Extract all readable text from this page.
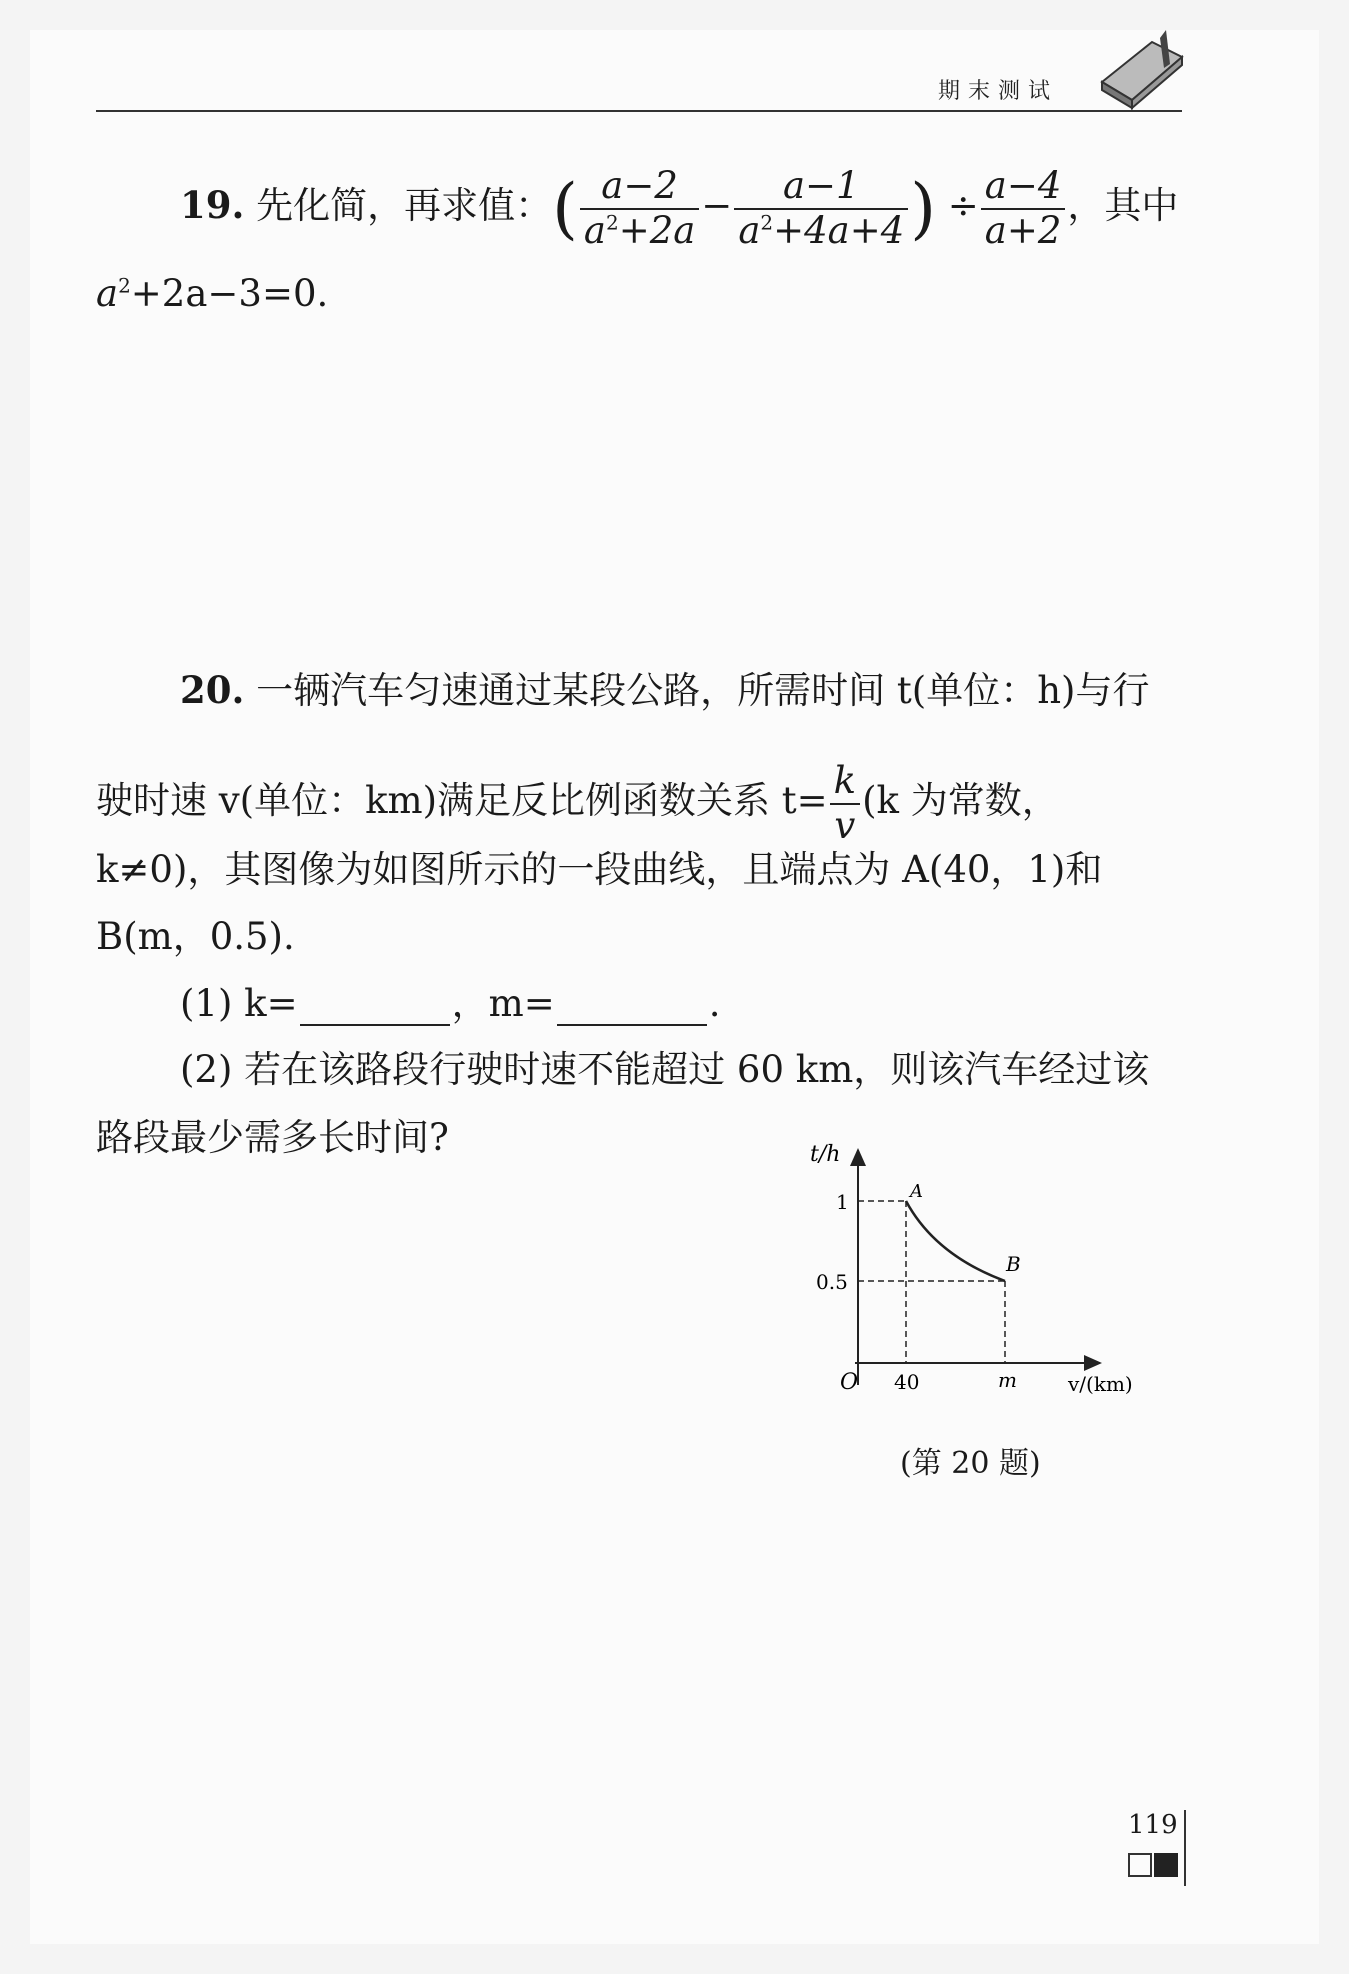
期末测试
19. 先化简，再求值：( $\frac{a-2}{a^2+2a} - \frac{a-1}{a^2+4a+4}$ ) ÷ $\frac{a-4}{a+2}$ ，其中
$a^2+2a-3=0$.
20. 一辆汽车匀速通过某段公路，所需时间 t(单位：h)与行
驶时速 v(单位：km)满足反比例函数关系 $t= \frac{k}{v} (k$ 为常数，
k≠0)，其图像为如图所示的一段曲线，且端点为 A(40，1)和
B(m，0.5).
(1) k=	，m=	.
(2) 若在该路段行驶时速不能超过 60 km，则该汽车经过该
路段最少需多长时间?	t/h
1
0.5
O 40	m	v/(km)
A
B
(第 20 题)
119
